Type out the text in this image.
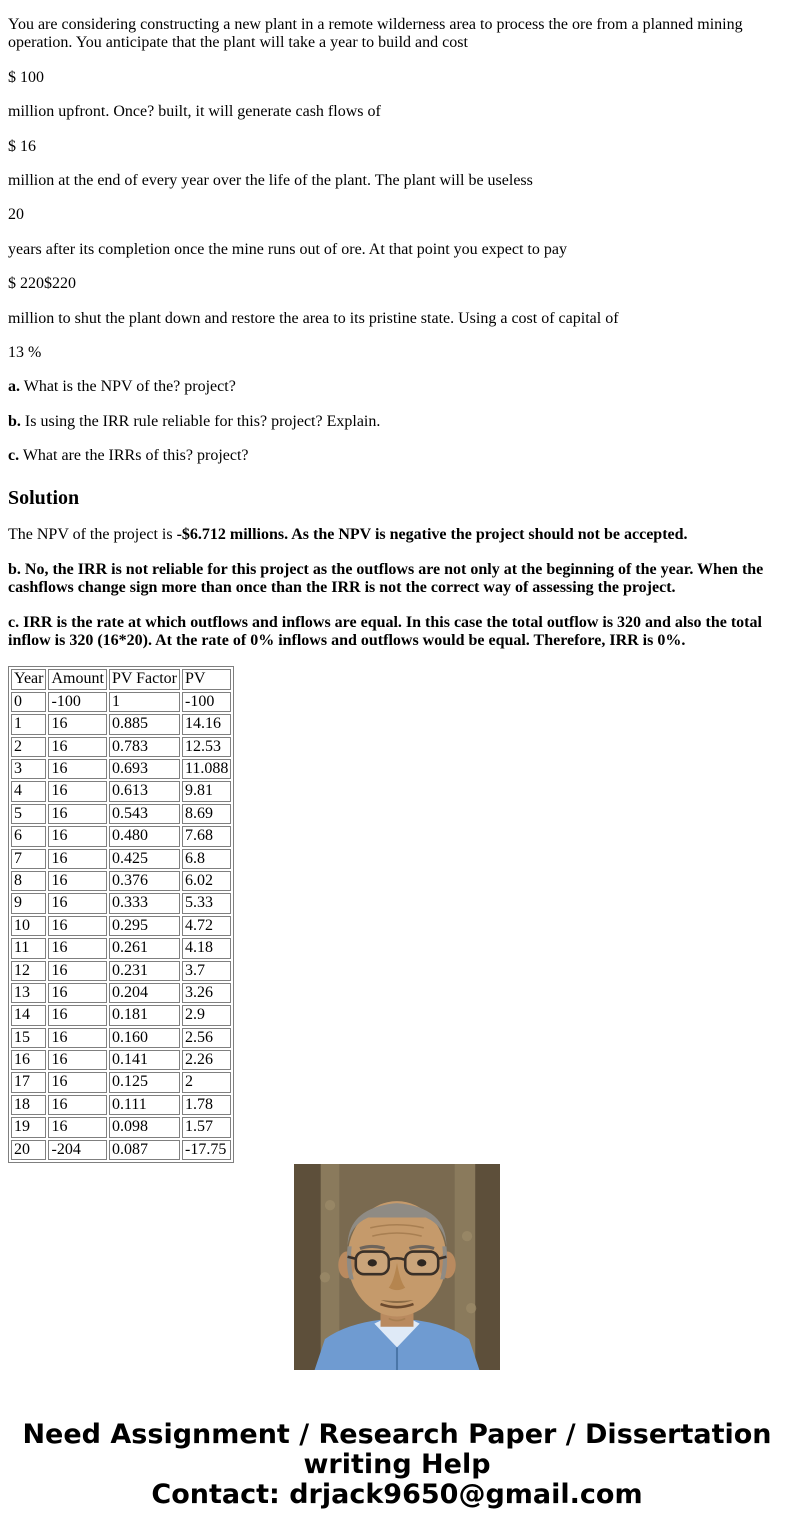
You are considering constructing a new plant in a remote wilderness area to process the ore from a planned mining operation. You anticipate that the plant will take a year to build and cost

$ 100

million upfront. Once? built, it will generate cash flows of

$ 16

million at the end of every year over the life of the plant. The plant will be useless

20

years after its completion once the mine runs out of ore. At that point you expect to pay

$ 220$220

million to shut the plant down and restore the area to its pristine state. Using a cost of capital of

13 %

a. What is the NPV of the? project?

b. Is using the IRR rule reliable for this? project? Explain.

c. What are the IRRs of this? project?

Solution

The NPV of the project is -$6.712 millions. As the NPV is negative the project should not be accepted.

b. No, the IRR is not reliable for this project as the outflows are not only at the beginning of the year. When the cashflows change sign more than once than the IRR is not the correct way of assessing the project.

c. IRR is the rate at which outflows and inflows are equal. In this case the total outflow is 320 and also the total inflow is 320 (16*20). At the rate of 0% inflows and outflows would be equal. Therefore, IRR is 0%.

Year	Amount	PV Factor	PV
0	-100	1	-100
1	16	0.885	14.16
2	16	0.783	12.53
3	16	0.693	11.088
4	16	0.613	9.81
5	16	0.543	8.69
6	16	0.480	7.68
7	16	0.425	6.8
8	16	0.376	6.02
9	16	0.333	5.33
10	16	0.295	4.72
11	16	0.261	4.18
12	16	0.231	3.7
13	16	0.204	3.26
14	16	0.181	2.9
15	16	0.160	2.56
16	16	0.141	2.26
17	16	0.125	2
18	16	0.111	1.78
19	16	0.098	1.57
20	-204	0.087	-17.75
Need Assignment / Research Paper / Dissertation writing Help
Contact: drjack9650@gmail.com
